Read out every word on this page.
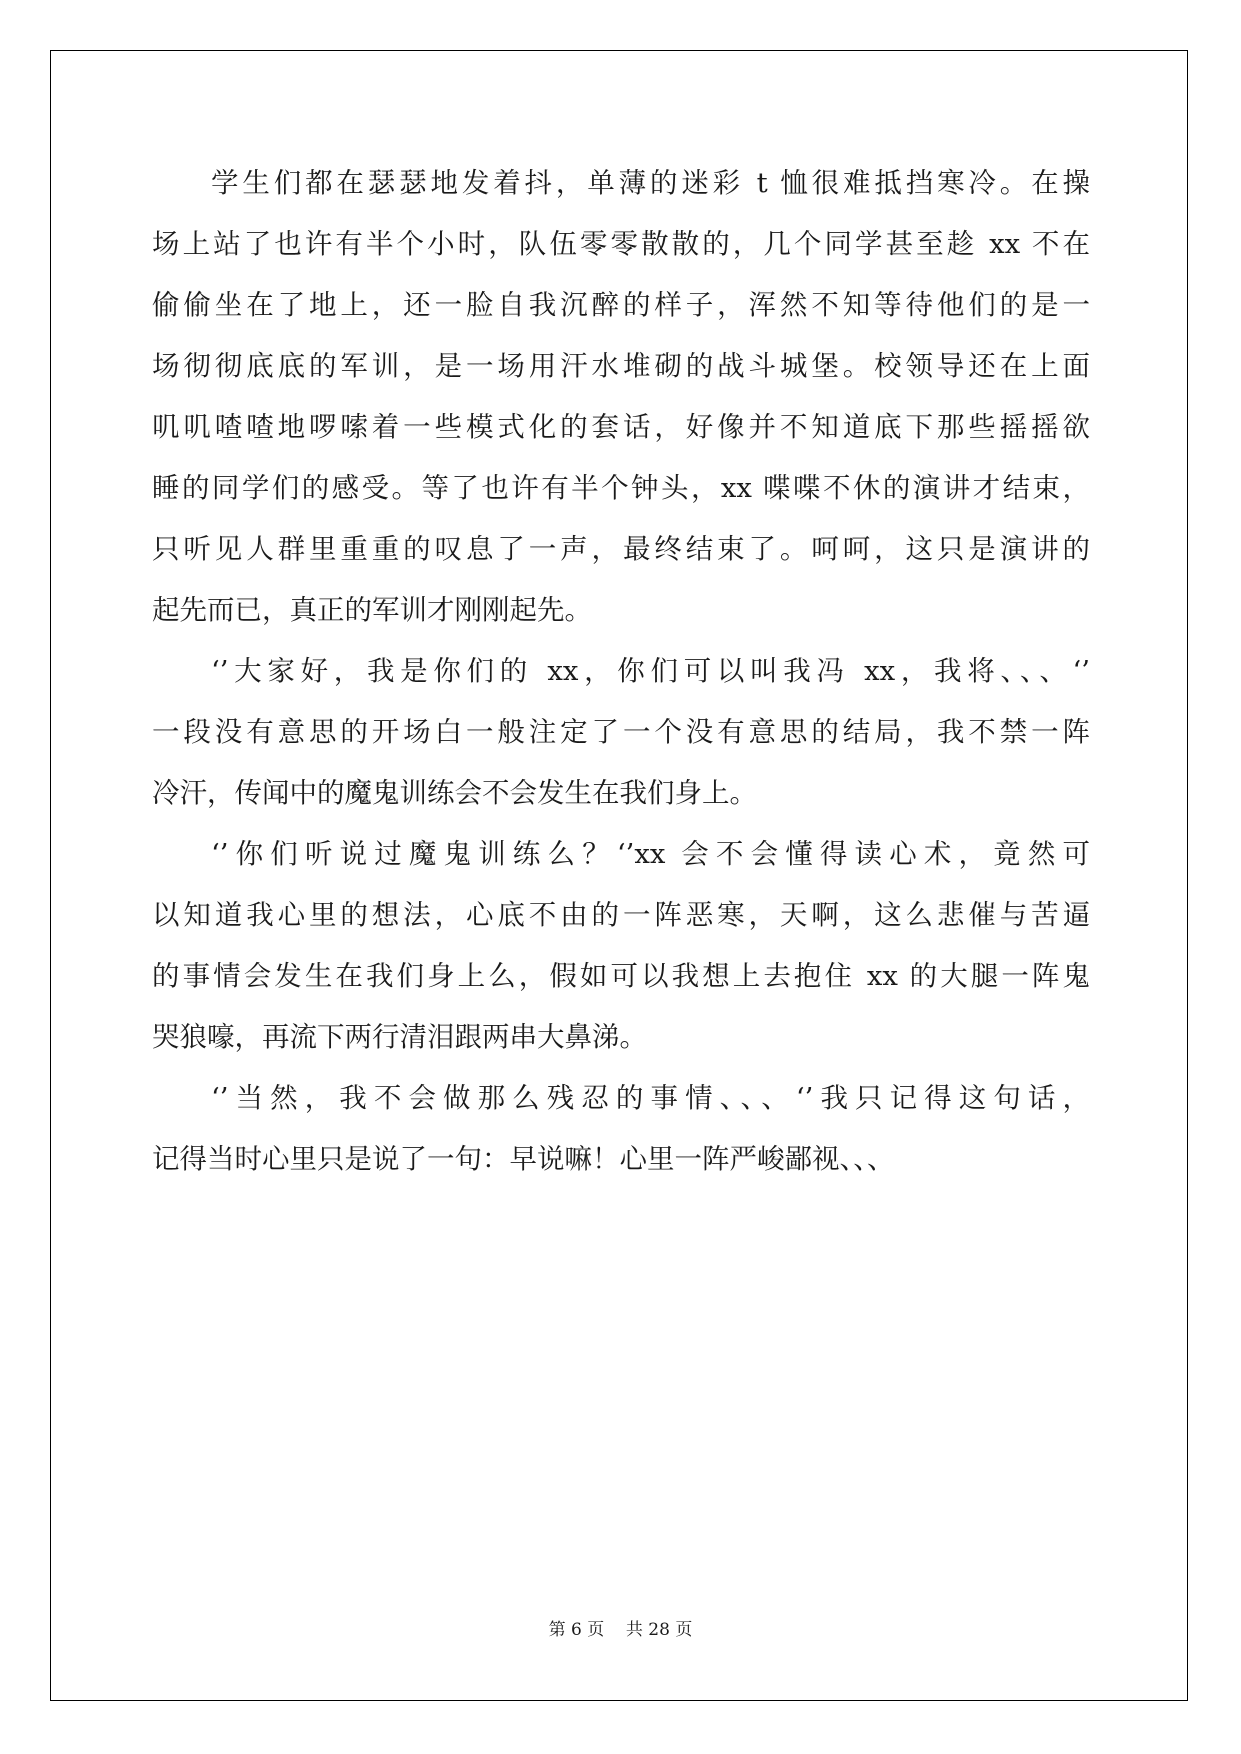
学生们都在瑟瑟地发着抖，单薄的迷彩 t 恤很难抵挡寒冷。在操
场上站了也许有半个小时，队伍零零散散的，几个同学甚至趁 xx 不在
偷偷坐在了地上，还一脸自我沉醉的样子，浑然不知等待他们的是一
场彻彻底底的军训，是一场用汗水堆砌的战斗城堡。校领导还在上面
叽叽喳喳地啰嗦着一些模式化的套话，好像并不知道底下那些摇摇欲
睡的同学们的感受。等了也许有半个钟头，xx 喋喋不休的演讲才结束，
只听见人群里重重的叹息了一声，最终结束了。呵呵，这只是演讲的
起先而已，真正的军训才刚刚起先。
‘’大家好，我是你们的 xx，你们可以叫我冯 xx，我将、、、‘’
一段没有意思的开场白一般注定了一个没有意思的结局，我不禁一阵
冷汗，传闻中的魔鬼训练会不会发生在我们身上。
‘’你们听说过魔鬼训练么？‘’xx 会不会懂得读心术，竟然可
以知道我心里的想法，心底不由的一阵恶寒，天啊，这么悲催与苦逼
的事情会发生在我们身上么，假如可以我想上去抱住 xx 的大腿一阵鬼
哭狼嚎，再流下两行清泪跟两串大鼻涕。
‘’当然，我不会做那么残忍的事情、、、‘’我只记得这句话，
记得当时心里只是说了一句：早说嘛！心里一阵严峻鄙视、、、
第 6 页    共 28 页
